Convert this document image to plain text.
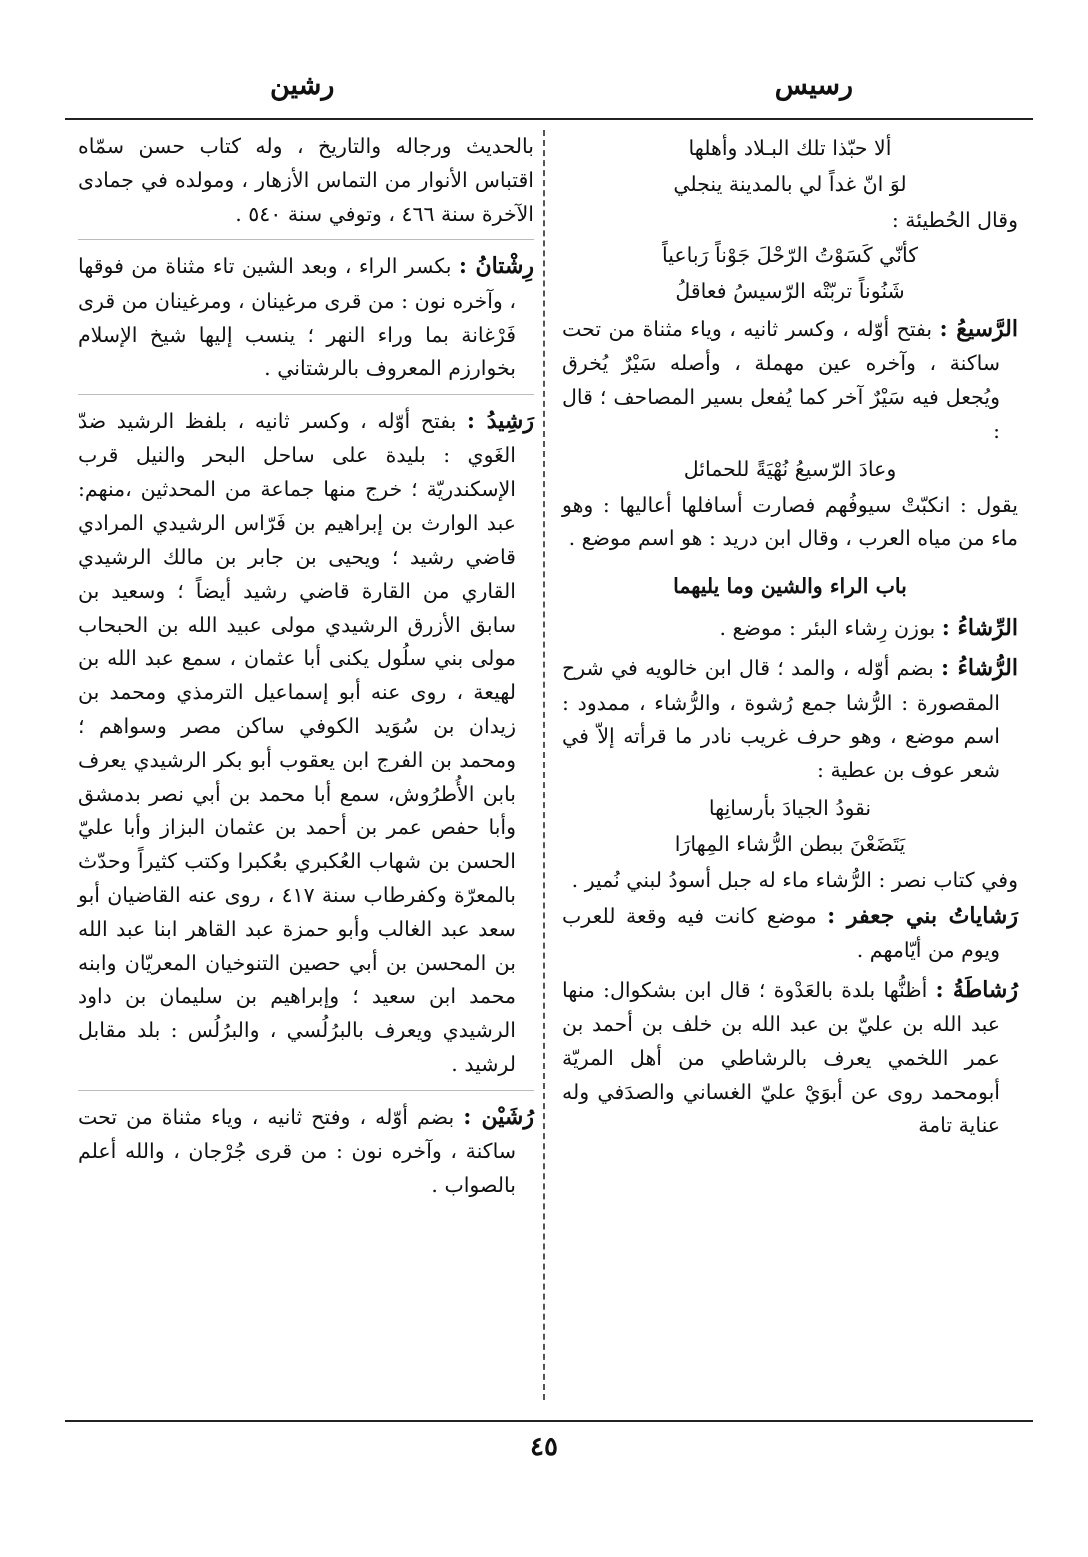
رسيس
رشين
ألا حبّذا تلك البـلاد وأهلها
لوَ انّ غداً لي بالمدينة ينجلي

وقال الحُطيئة :

كأنّي كَسَوْتُ الرّحْلَ جَوْناً رَباعياً
شَنُوناً تربّتْه الرّسيسُ فعاقلُ

الرَّسيعُ : بفتح أوّله ، وكسر ثانيه ، وياء مثناة من تحت ساكنة ، وآخره عين مهملة ، وأصله سَيْرٌ يُخرق ويُجعل فيه سَيْرٌ آخر كما يُفعل بسير المصاحف ؛ قال :

وعادَ الرّسيعُ نُهْيَةً للحمائل

يقول : انكبّتْ سيوفُهم فصارت أسافلها أعاليها : وهو ماء من مياه العرب ، وقال ابن دريد : هو اسم موضع .

باب الراء والشين وما يليهما

الرِّشاءُ : بوزن رِشاء البئر : موضع .

الرُّشاءُ : بضم أوّله ، والمد ؛ قال ابن خالويه في شرح المقصورة : الرُّشا جمع رُشوة ، والرُّشاء ، ممدود : اسم موضع ، وهو حرف غريب نادر ما قرأته إلاّ في شعر عوف بن عطية :

نقودُ الجيادَ بأرسانِها
يَتَضَعْنَ ببطن الرُّشاء المِهارَا

وفي كتاب نصر : الرُّشاء ماء له جبل أسودُ لبني نُمير .

رَشاياتُ بني جعفر : موضع كانت فيه وقعة للعرب ويوم من أيّامهم .

رُشاطَةُ : أظنُّها بلدة بالعَدْوة ؛ قال ابن بشكوال: منها عبد الله بن عليّ بن عبد الله بن خلف بن أحمد بن عمر اللخمي يعرف بالرشاطي من أهل المريّة أبومحمد روى عن أبوَيْ عليّ الغساني والصدَفي وله عناية تامة

بالحديث ورجاله والتاريخ ، وله كتاب حسن سمّاه اقتباس الأنوار من التماس الأزهار ، ومولده في جمادى الآخرة سنة ٤٦٦ ، وتوفي سنة ٥٤٠ .

رِشْتانُ : بكسر الراء ، وبعد الشين تاء مثناة من فوقها ، وآخره نون : من قرى مرغينان ، ومرغينان من قرى فَرْغانة بما وراء النهر ؛ ينسب إليها شيخ الإسلام بخوارزم المعروف بالرشتاني .

رَشِيدُ : بفتح أوّله ، وكسر ثانيه ، بلفظ الرشيد ضدّ الغَوي : بليدة على ساحل البحر والنيل قرب الإسكندريّة ؛ خرج منها جماعة من المحدثين ،منهم: عبد الوارث بن إبراهيم بن فَرّاس الرشيدي المرادي قاضي رشيد ؛ ويحيى بن جابر بن مالك الرشيدي القاري من القارة قاضي رشيد أيضاً ؛ وسعيد بن سابق الأزرق الرشيدي مولى عبيد الله بن الحبحاب مولى بني سلُول يكنى أبا عثمان ، سمع عبد الله بن لهيعة ، روى عنه أبو إسماعيل الترمذي ومحمد بن زيدان بن سُوَيد الكوفي ساكن مصر وسواهم ؛ ومحمد بن الفرج ابن يعقوب أبو بكر الرشيدي يعرف بابن الأُطرُوش، سمع أبا محمد بن أبي نصر بدمشق وأبا حفص عمر بن أحمد بن عثمان البزاز وأبا عليّ الحسن بن شهاب العُكبري بعُكبرا وكتب كثيراً وحدّث بالمعرّة وكفرطاب سنة ٤١٧ ، روى عنه القاضيان أبو سعد عبد الغالب وأبو حمزة عبد القاهر ابنا عبد الله بن المحسن بن أبي حصين التنوخيان المعريّان وابنه محمد ابن سعيد ؛ وإبراهيم بن سليمان بن داود الرشيدي ويعرف بالبرُلُسي ، والبرُلُس : بلد مقابل لرشيد .

رُشَيْن : بضم أوّله ، وفتح ثانيه ، وياء مثناة من تحت ساكنة ، وآخره نون : من قرى جُرْجان ، والله أعلم بالصواب .

٤٥
